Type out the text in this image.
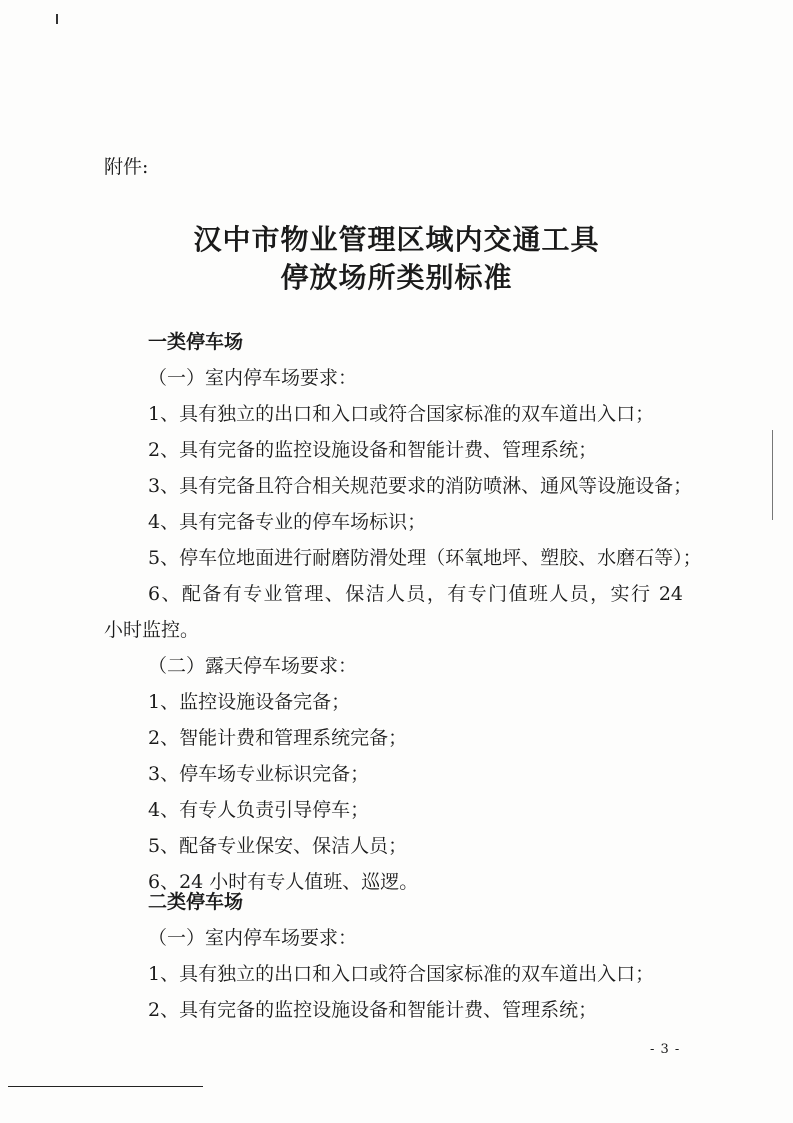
附件:
汉中市物业管理区域内交通工具
停放场所类别标准
一类停车场
（一）室内停车场要求：
1、具有独立的出口和入口或符合国家标准的双车道出入口；
2、具有完备的监控设施设备和智能计费、管理系统；
3、具有完备且符合相关规范要求的消防喷淋、通风等设施设备；
4、具有完备专业的停车场标识；
5、停车位地面进行耐磨防滑处理（环氧地坪、塑胶、水磨石等）；
6、配备有专业管理、保洁人员，有专门值班人员，实行 24
小时监控。
（二）露天停车场要求：
1、监控设施设备完备；
2、智能计费和管理系统完备；
3、停车场专业标识完备；
4、有专人负责引导停车；
5、配备专业保安、保洁人员；
6、24 小时有专人值班、巡逻。
二类停车场
（一）室内停车场要求：
1、具有独立的出口和入口或符合国家标准的双车道出入口；
2、具有完备的监控设施设备和智能计费、管理系统；
- 3 -
